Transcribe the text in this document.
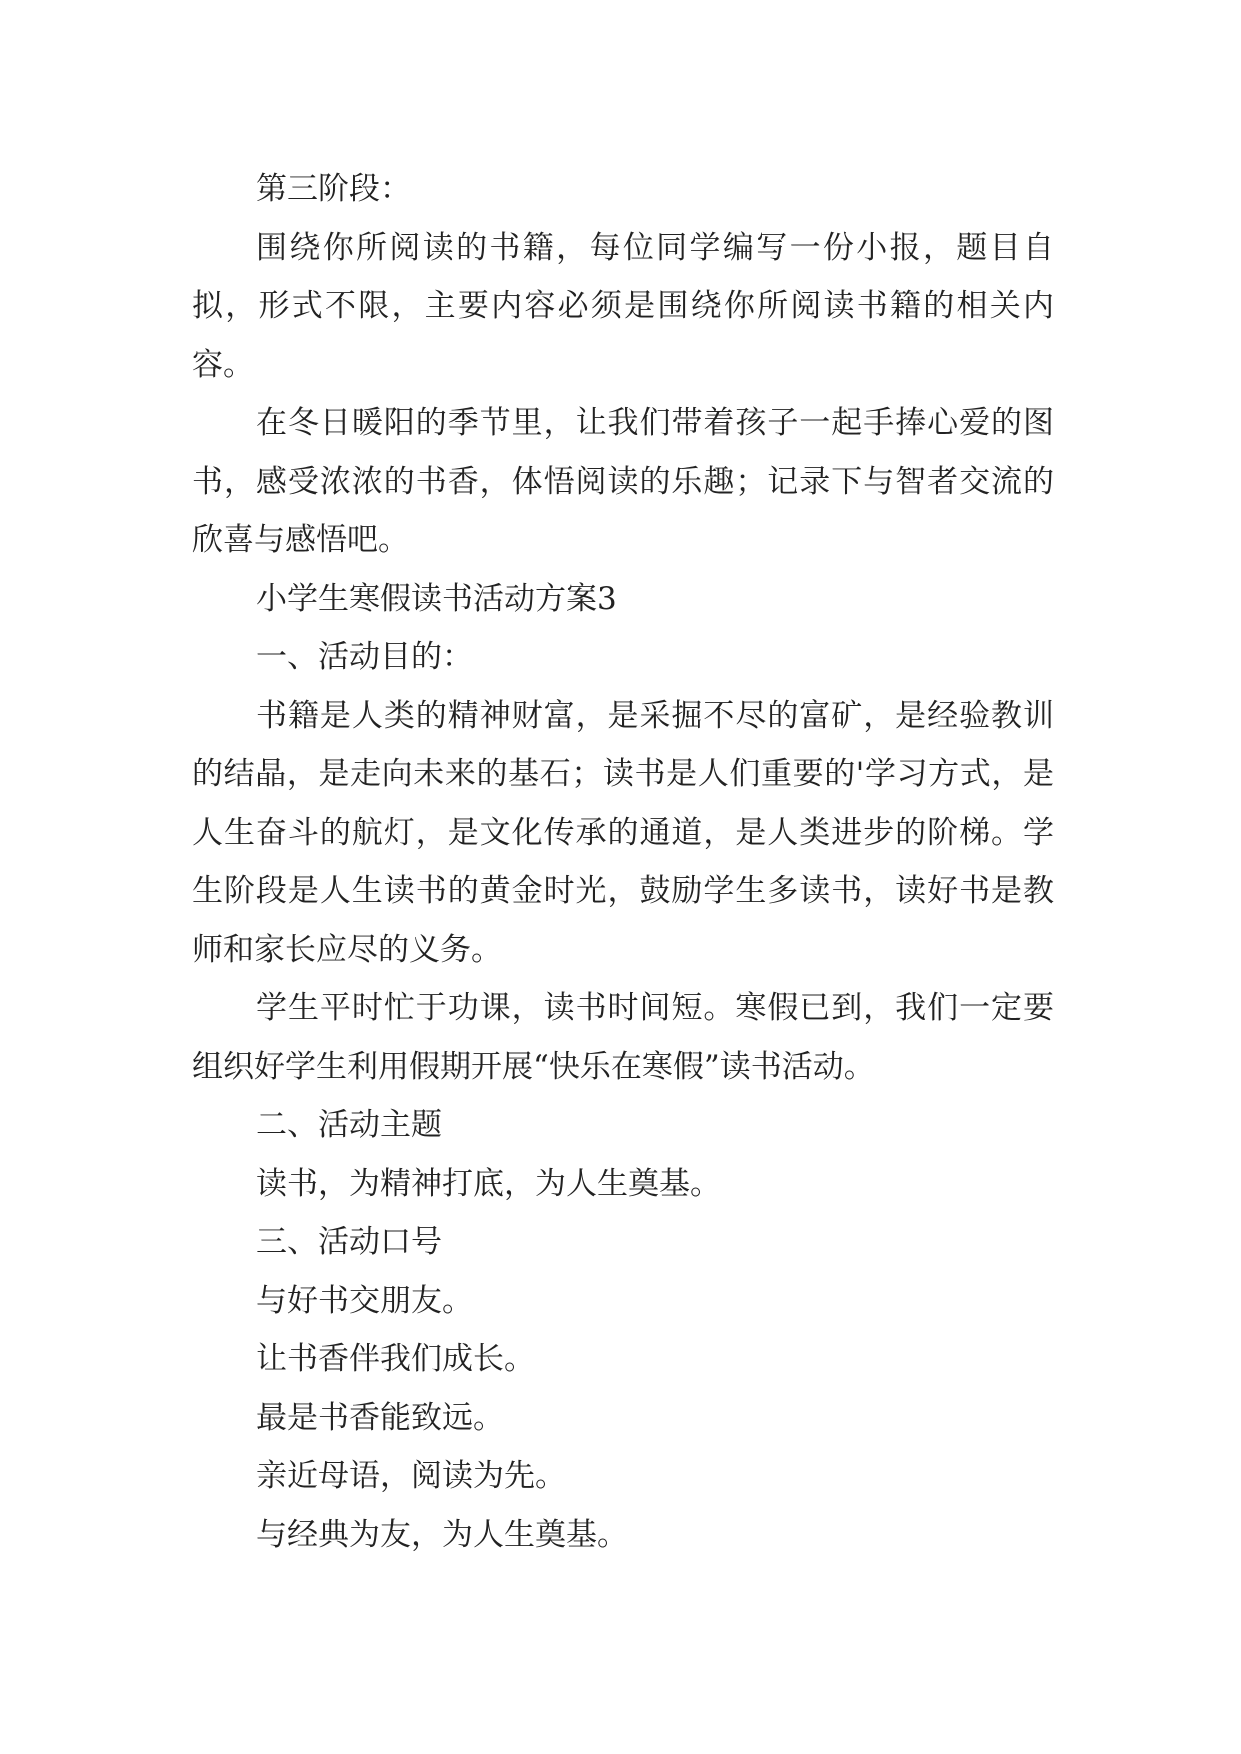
第三阶段：

围绕你所阅读的书籍，每位同学编写一份小报，题目自拟，形式不限，主要内容必须是围绕你所阅读书籍的相关内容。

在冬日暖阳的季节里，让我们带着孩子一起手捧心爱的图书，感受浓浓的书香，体悟阅读的乐趣；记录下与智者交流的欣喜与感悟吧。

小学生寒假读书活动方案3

一、活动目的：

书籍是人类的精神财富，是采掘不尽的富矿，是经验教训的结晶，是走向未来的基石；读书是人们重要的'学习方式，是人生奋斗的航灯，是文化传承的通道，是人类进步的阶梯。学生阶段是人生读书的黄金时光，鼓励学生多读书，读好书是教师和家长应尽的义务。

学生平时忙于功课，读书时间短。寒假已到，我们一定要组织好学生利用假期开展“快乐在寒假”读书活动。

二、活动主题

读书，为精神打底，为人生奠基。

三、活动口号

与好书交朋友。

让书香伴我们成长。

最是书香能致远。

亲近母语，阅读为先。

与经典为友，为人生奠基。
